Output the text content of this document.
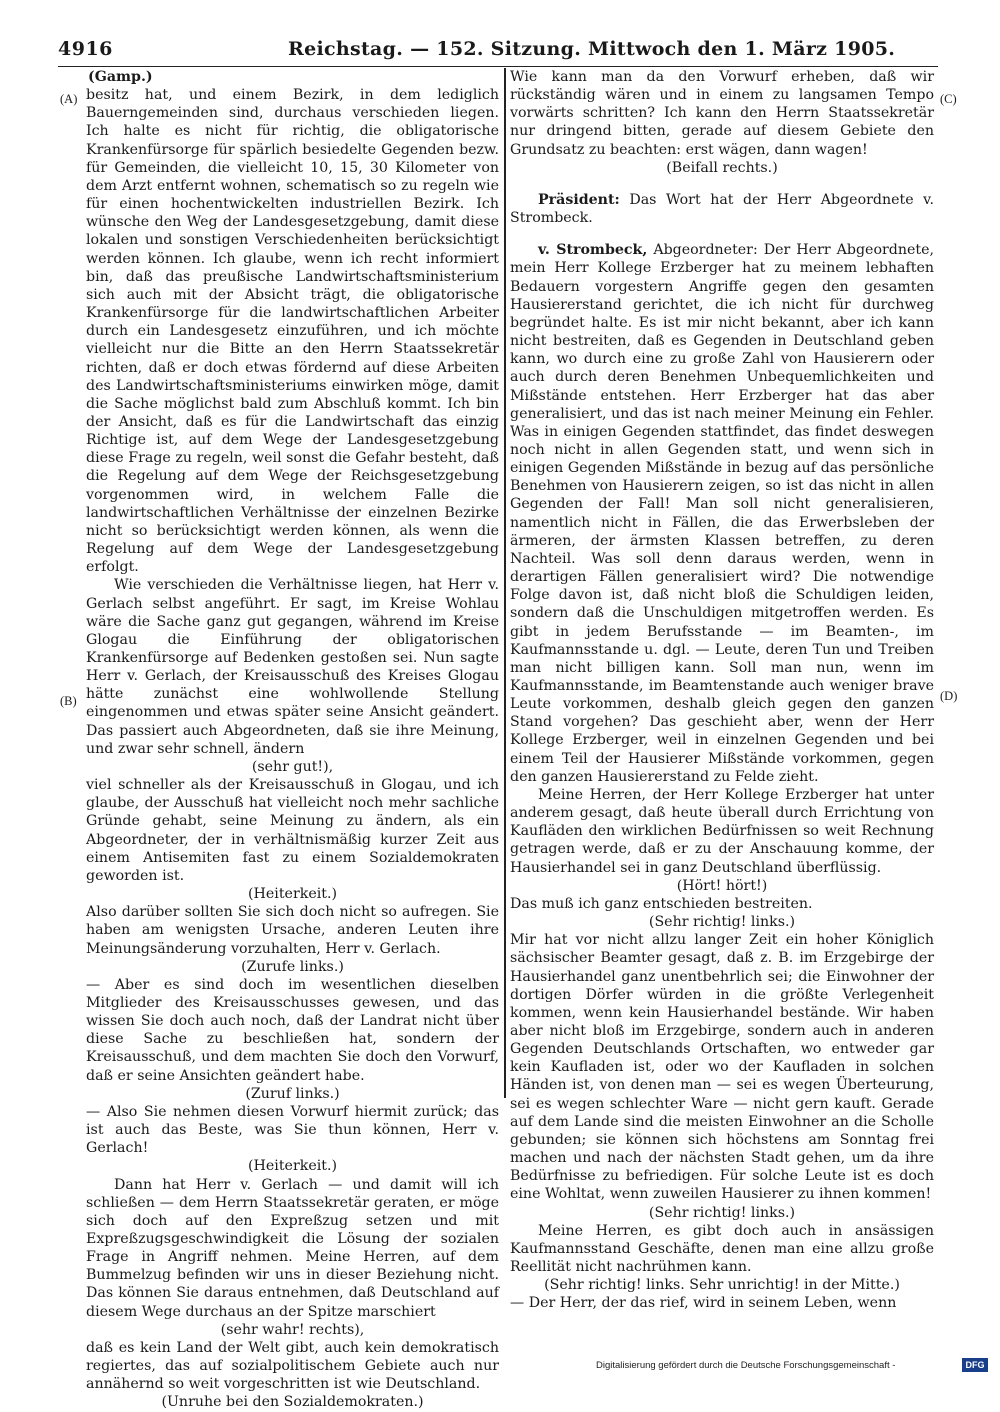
4916	Reichstag. — 152. Sitzung. Mittwoch den 1. März 1905.
(A)
(B)
(C)
(D)

(Gamp.)

besitz hat, und einem Bezirk, in dem lediglich Bauerngemeinden sind, durchaus verschieden liegen. Ich halte es nicht für richtig, die obligatorische Krankenfürsorge für spärlich besiedelte Gegenden bezw. für Gemeinden, die vielleicht 10, 15, 30 Kilometer von dem Arzt entfernt wohnen, schematisch so zu regeln wie für einen hochentwickelten industriellen Bezirk. Ich wünsche den Weg der Landesgesetzgebung, damit diese lokalen und sonstigen Verschiedenheiten berücksichtigt werden können. Ich glaube, wenn ich recht informiert bin, daß das preußische Landwirtschaftsministerium sich auch mit der Absicht trägt, die obligatorische Krankenfürsorge für die landwirtschaftlichen Arbeiter durch ein Landesgesetz einzuführen, und ich möchte vielleicht nur die Bitte an den Herrn Staatssekretär richten, daß er doch etwas fördernd auf diese Arbeiten des Landwirtschaftsministeriums einwirken möge, damit die Sache möglichst bald zum Abschluß kommt. Ich bin der Ansicht, daß es für die Landwirtschaft das einzig Richtige ist, auf dem Wege der Landesgesetzgebung diese Frage zu regeln, weil sonst die Gefahr besteht, daß die Regelung auf dem Wege der Reichsgesetzgebung vorgenommen wird, in welchem Falle die landwirtschaftlichen Verhältnisse der einzelnen Bezirke nicht so berücksichtigt werden können, als wenn die Regelung auf dem Wege der Landesgesetzgebung erfolgt.

Wie verschieden die Verhältnisse liegen, hat Herr v. Gerlach selbst angeführt. Er sagt, im Kreise Wohlau wäre die Sache ganz gut gegangen, während im Kreise Glogau die Einführung der obligatorischen Krankenfürsorge auf Bedenken gestoßen sei. Nun sagte Herr v. Gerlach, der Kreisausschuß des Kreises Glogau hätte zunächst eine wohlwollende Stellung eingenommen und etwas später seine Ansicht geändert. Das passiert auch Abgeordneten, daß sie ihre Meinung, und zwar sehr schnell, ändern

(sehr gut!),

viel schneller als der Kreisausschuß in Glogau, und ich glaube, der Ausschuß hat vielleicht noch mehr sachliche Gründe gehabt, seine Meinung zu ändern, als ein Abgeordneter, der in verhältnismäßig kurzer Zeit aus einem Antisemiten fast zu einem Sozialdemokraten geworden ist.

(Heiterkeit.)

Also darüber sollten Sie sich doch nicht so aufregen. Sie haben am wenigsten Ursache, anderen Leuten ihre Meinungsänderung vorzuhalten, Herr v. Gerlach.

(Zurufe links.)

— Aber es sind doch im wesentlichen dieselben Mitglieder des Kreisausschusses gewesen, und das wissen Sie doch auch noch, daß der Landrat nicht über diese Sache zu beschließen hat, sondern der Kreisausschuß, und dem machten Sie doch den Vorwurf, daß er seine Ansichten geändert habe.

(Zuruf links.)

— Also Sie nehmen diesen Vorwurf hiermit zurück; das ist auch das Beste, was Sie thun können, Herr v. Gerlach!

(Heiterkeit.)

Dann hat Herr v. Gerlach — und damit will ich schließen — dem Herrn Staatssekretär geraten, er möge sich doch auf den Expreßzug setzen und mit Expreßzugsgeschwindigkeit die Lösung der sozialen Frage in Angriff nehmen. Meine Herren, auf dem Bummelzug befinden wir uns in dieser Beziehung nicht. Das können Sie daraus entnehmen, daß Deutschland auf diesem Wege durchaus an der Spitze marschiert

(sehr wahr! rechts),

daß es kein Land der Welt gibt, auch kein demokratisch regiertes, das auf sozialpolitischem Gebiete auch nur annähernd so weit vorgeschritten ist wie Deutschland.

(Unruhe bei den Sozialdemokraten.)

Wie kann man da den Vorwurf erheben, daß wir rückständig wären und in einem zu langsamen Tempo vorwärts schritten? Ich kann den Herrn Staatssekretär nur dringend bitten, gerade auf diesem Gebiete den Grundsatz zu beachten: erst wägen, dann wagen!

(Beifall rechts.)

Präsident: Das Wort hat der Herr Abgeordnete v. Strombeck.

v. Strombeck, Abgeordneter: Der Herr Abgeordnete, mein Herr Kollege Erzberger hat zu meinem lebhaften Bedauern vorgestern Angriffe gegen den gesamten Hausiererstand gerichtet, die ich nicht für durchweg begründet halte. Es ist mir nicht bekannt, aber ich kann nicht bestreiten, daß es Gegenden in Deutschland geben kann, wo durch eine zu große Zahl von Hausierern oder auch durch deren Benehmen Unbequemlichkeiten und Mißstände entstehen. Herr Erzberger hat das aber generalisiert, und das ist nach meiner Meinung ein Fehler. Was in einigen Gegenden stattfindet, das findet deswegen noch nicht in allen Gegenden statt, und wenn sich in einigen Gegenden Mißstände in bezug auf das persönliche Benehmen von Hausierern zeigen, so ist das nicht in allen Gegenden der Fall! Man soll nicht generalisieren, namentlich nicht in Fällen, die das Erwerbsleben der ärmeren, der ärmsten Klassen betreffen, zu deren Nachteil. Was soll denn daraus werden, wenn in derartigen Fällen generalisiert wird? Die notwendige Folge davon ist, daß nicht bloß die Schuldigen leiden, sondern daß die Unschuldigen mitgetroffen werden. Es gibt in jedem Berufsstande — im Beamten-, im Kaufmannsstande u. dgl. — Leute, deren Tun und Treiben man nicht billigen kann. Soll man nun, wenn im Kaufmannsstande, im Beamtenstande auch weniger brave Leute vorkommen, deshalb gleich gegen den ganzen Stand vorgehen? Das geschieht aber, wenn der Herr Kollege Erzberger, weil in einzelnen Gegenden und bei einem Teil der Hausierer Mißstände vorkommen, gegen den ganzen Hausiererstand zu Felde zieht.

Meine Herren, der Herr Kollege Erzberger hat unter anderem gesagt, daß heute überall durch Errichtung von Kaufläden den wirklichen Bedürfnissen so weit Rechnung getragen werde, daß er zu der Anschauung komme, der Hausierhandel sei in ganz Deutschland überflüssig.

(Hört! hört!)

Das muß ich ganz entschieden bestreiten.

(Sehr richtig! links.)

Mir hat vor nicht allzu langer Zeit ein hoher Königlich sächsischer Beamter gesagt, daß z. B. im Erzgebirge der Hausierhandel ganz unentbehrlich sei; die Einwohner der dortigen Dörfer würden in die größte Verlegenheit kommen, wenn kein Hausierhandel bestände. Wir haben aber nicht bloß im Erzgebirge, sondern auch in anderen Gegenden Deutschlands Ortschaften, wo entweder gar kein Kaufladen ist, oder wo der Kaufladen in solchen Händen ist, von denen man — sei es wegen Überteurung, sei es wegen schlechter Ware — nicht gern kauft. Gerade auf dem Lande sind die meisten Einwohner an die Scholle gebunden; sie können sich höchstens am Sonntag frei machen und nach der nächsten Stadt gehen, um da ihre Bedürfnisse zu befriedigen. Für solche Leute ist es doch eine Wohltat, wenn zuweilen Hausierer zu ihnen kommen!

(Sehr richtig! links.)

Meine Herren, es gibt doch auch in ansässigen Kaufmannsstand Geschäfte, denen man eine allzu große Reellität nicht nachrühmen kann.

(Sehr richtig! links. Sehr unrichtig! in der Mitte.)

— Der Herr, der das rief, wird in seinem Leben, wenn

Digitalisierung gefördert durch die Deutsche Forschungsgemeinschaft -	DFG
